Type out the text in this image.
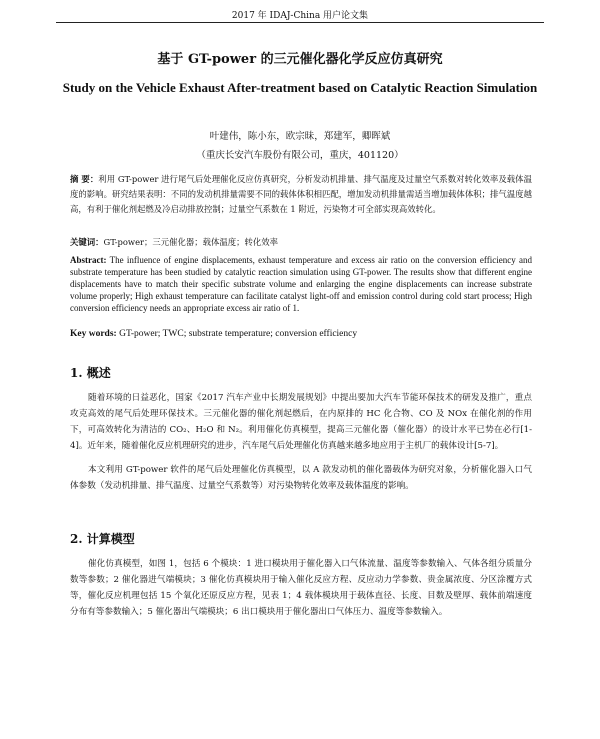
2017 年 IDAJ-China 用户论文集
基于 GT-power 的三元催化器化学反应仿真研究
Study on the Vehicle Exhaust After-treatment based on Catalytic Reaction Simulation
叶建伟，陈小东，欧宗昧，郑建军，卿晖斌
（重庆长安汽车股份有限公司，重庆，401120）
摘 要：利用 GT-power 进行尾气后处理催化反应仿真研究，分析发动机排量、排气温度及过量空气系数对转化效率及载体温度的影响。研究结果表明：不同的发动机排量需要不同的载体体积相匹配，增加发动机排量需适当增加载体体积；排气温度越高，有利于催化剂起燃及冷启动排放控制；过量空气系数在 1 附近，污染物才可全部实现高效转化。
关键词：GT-power；三元催化器；载体温度；转化效率
Abstract: The influence of engine displacements, exhaust temperature and excess air ratio on the conversion efficiency and substrate temperature has been studied by catalytic reaction simulation using GT-power. The results show that different engine displacements have to match their specific substrate volume and enlarging the engine displacements can increase substrate volume properly; High exhaust temperature can facilitate catalyst light-off and emission control during cold start process; High conversion efficiency needs an appropriate excess air ratio of 1.
Key words: GT-power; TWC; substrate temperature; conversion efficiency
1. 概述
随着环境的日益恶化，国家《2017 汽车产业中长期发展规划》中提出要加大汽车节能环保技术的研发及推广，重点攻克高效的尾气后处理环保技术。三元催化器的催化剂起燃后，在内原排的 HC 化合物、CO 及 NOx 在催化剂的作用下，可高效转化为清洁的 CO₂、H₂O 和 N₂。利用催化仿真模型，提高三元催化器（催化器）的设计水平已势在必行[1-4]。近年来，随着催化反应机理研究的进步，汽车尾气后处理催化仿真越来越多地应用于主机厂的载体设计[5-7]。
本文利用 GT-power 软件的尾气后处理催化仿真模型，以 A 款发动机的催化器载体为研究对象，分析催化器入口气体参数（发动机排量、排气温度、过量空气系数等）对污染物转化效率及载体温度的影响。
2. 计算模型
催化仿真模型，如图 1，包括 6 个模块：1 进口模块用于催化器入口气体流量、温度等参数输入、气体各组分质量分数等参数；2 催化器进气端模块；3 催化仿真模块用于输入催化反应方程、反应动力学参数、贵金属浓度、分区涂覆方式等，催化反应机理包括 15 个氧化还原反应方程，见表 1；4 载体模块用于载体直径、长度、目数及壁厚、载体前端速度分布有等参数输入；5 催化器出气端模块；6 出口模块用于催化器出口气体压力、温度等参数输入。
